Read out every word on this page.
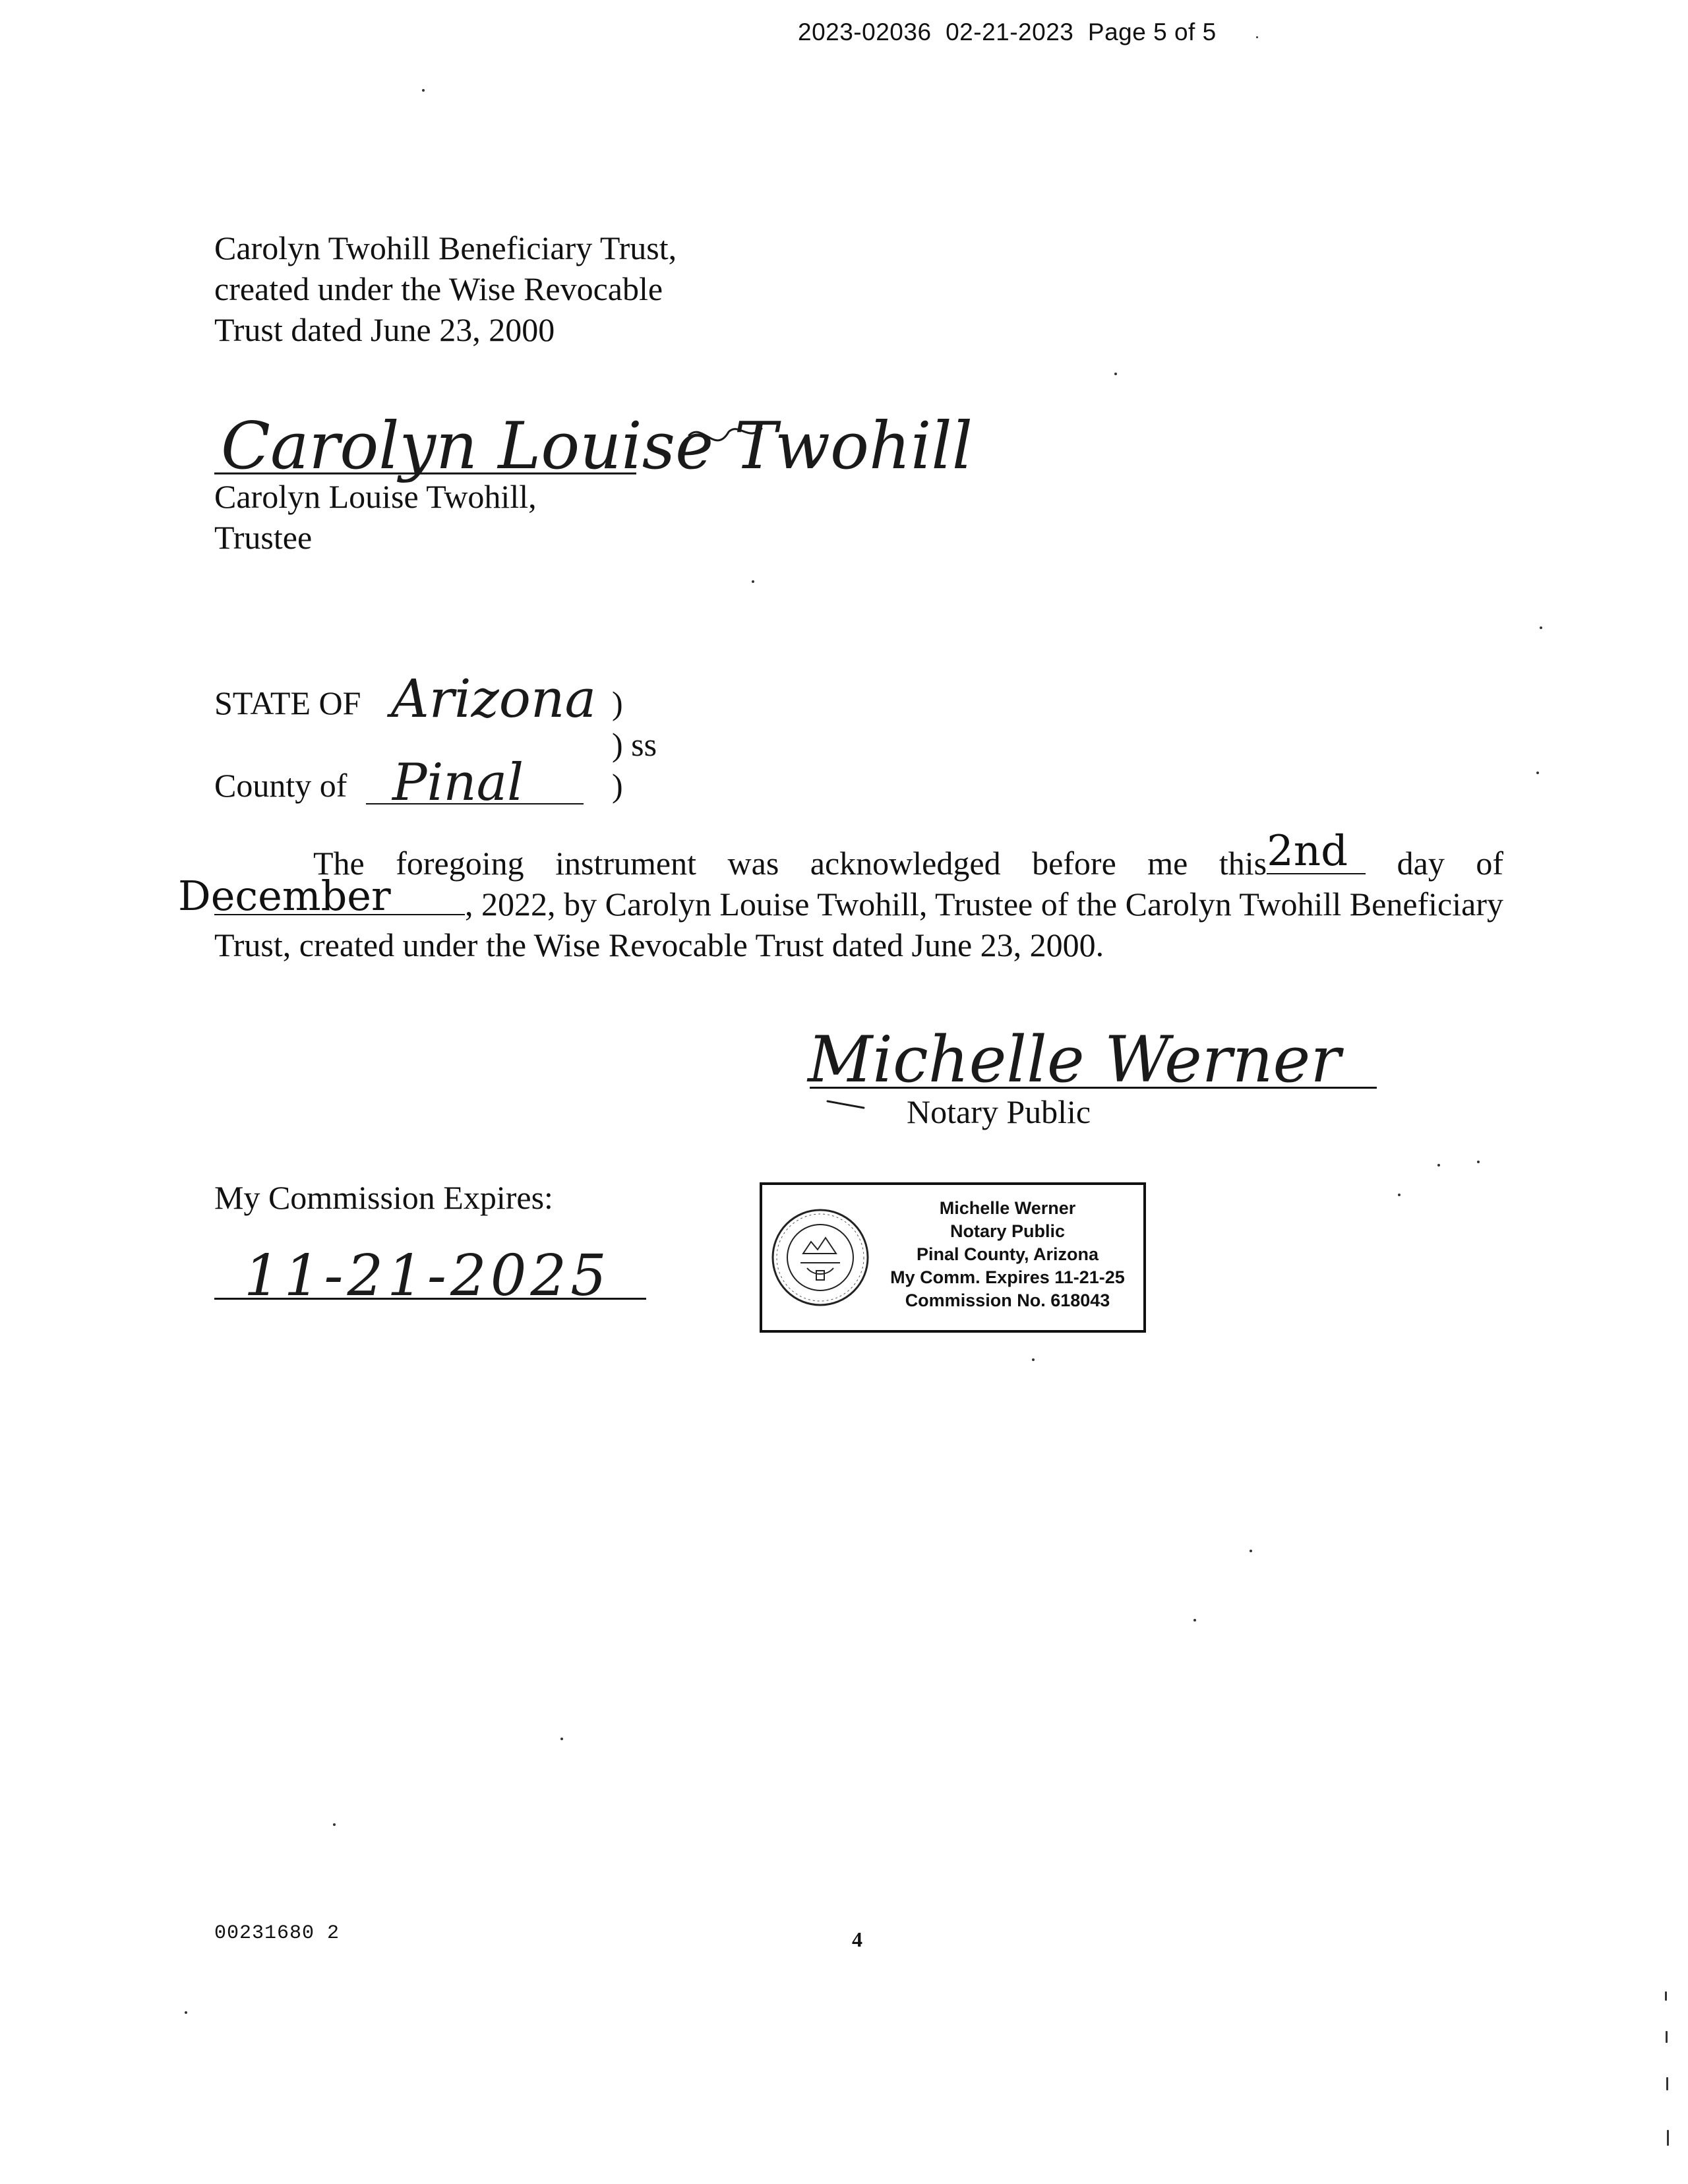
2023-02036 02-21-2023 Page 5 of 5
Carolyn Twohill Beneficiary Trust,
created under the Wise Revocable
Trust dated June 23, 2000
Carolyn Louise Twohill
Carolyn Louise Twohill,
Trustee
STATE OF Arizona )
) ss
County of Pinal	)
The foregoing instrument was acknowledged before me this 2nd day of
December , 2022, by Carolyn Louise Twohill, Trustee of the Carolyn Twohill Beneficiary Trust, created under the Wise Revocable Trust dated June 23, 2000.
Michelle Werner
Notary Public
My Commission Expires:
11-21-2025
Michelle Werner
Notary Public
Pinal County, Arizona
My Comm. Expires 11-21-25
Commission No. 618043
00231680 2	4
